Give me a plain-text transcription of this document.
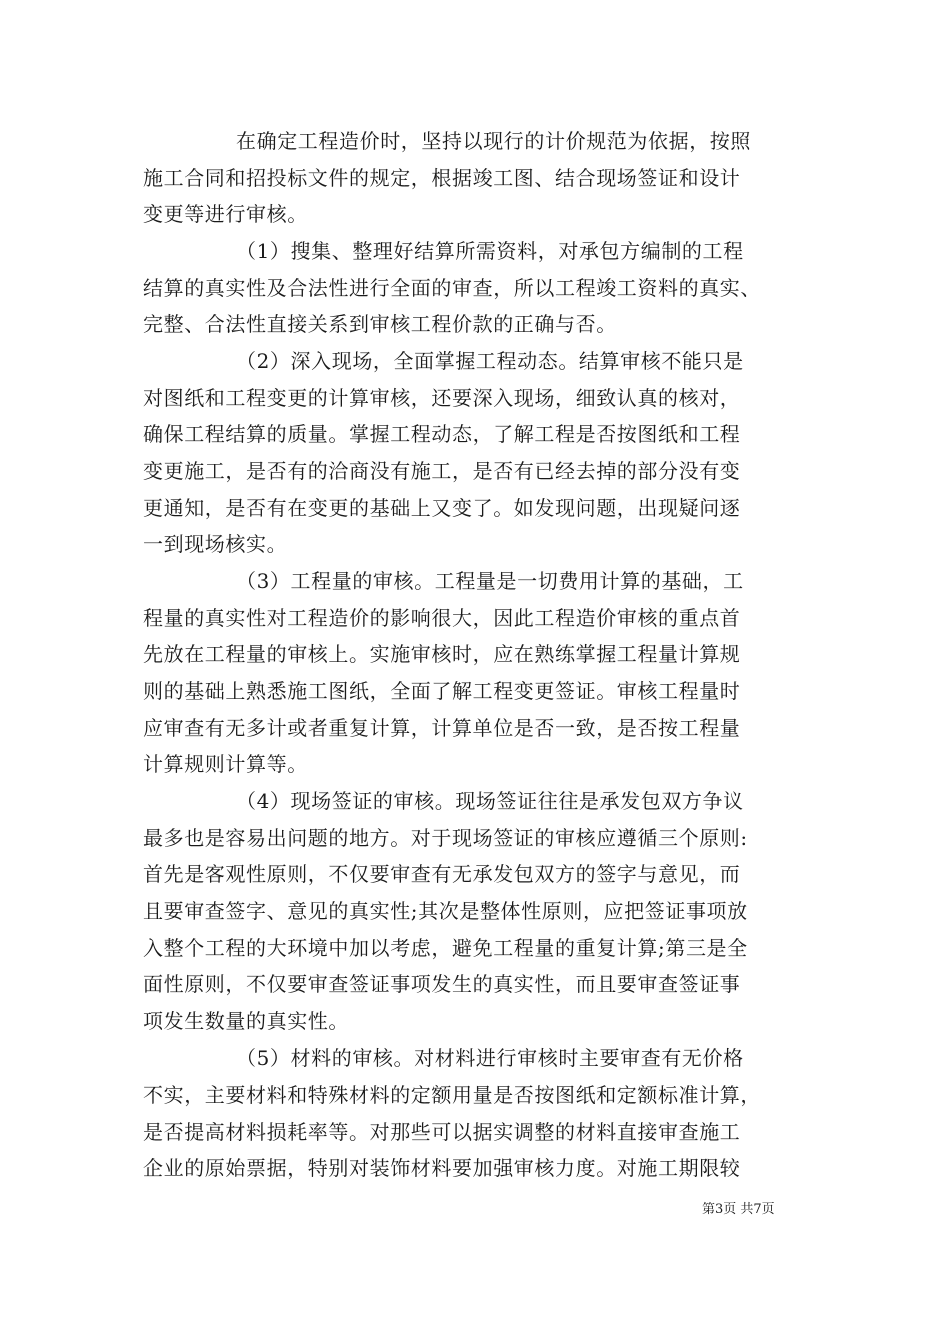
在确定工程造价时，坚持以现行的计价规范为依据，按照
施工合同和招投标文件的规定，根据竣工图、结合现场签证和设计
变更等进行审核。
（1）搜集、整理好结算所需资料，对承包方编制的工程
结算的真实性及合法性进行全面的审查，所以工程竣工资料的真实、
完整、合法性直接关系到审核工程价款的正确与否。
（2）深入现场，全面掌握工程动态。结算审核不能只是
对图纸和工程变更的计算审核，还要深入现场，细致认真的核对，
确保工程结算的质量。掌握工程动态，了解工程是否按图纸和工程
变更施工，是否有的洽商没有施工，是否有已经去掉的部分没有变
更通知，是否有在变更的基础上又变了。如发现问题，出现疑问逐
一到现场核实。
（3）工程量的审核。工程量是一切费用计算的基础，工
程量的真实性对工程造价的影响很大，因此工程造价审核的重点首
先放在工程量的审核上。实施审核时，应在熟练掌握工程量计算规
则的基础上熟悉施工图纸，全面了解工程变更签证。审核工程量时
应审查有无多计或者重复计算，计算单位是否一致，是否按工程量
计算规则计算等。
（4）现场签证的审核。现场签证往往是承发包双方争议
最多也是容易出问题的地方。对于现场签证的审核应遵循三个原则:
首先是客观性原则，不仅要审查有无承发包双方的签字与意见，而
且要审查签字、意见的真实性;其次是整体性原则，应把签证事项放
入整个工程的大环境中加以考虑，避免工程量的重复计算;第三是全
面性原则，不仅要审查签证事项发生的真实性，而且要审查签证事
项发生数量的真实性。
（5）材料的审核。对材料进行审核时主要审查有无价格
不实，主要材料和特殊材料的定额用量是否按图纸和定额标准计算，
是否提高材料损耗率等。对那些可以据实调整的材料直接审查施工
企业的原始票据，特别对装饰材料要加强审核力度。对施工期限较
第3页 共7页
